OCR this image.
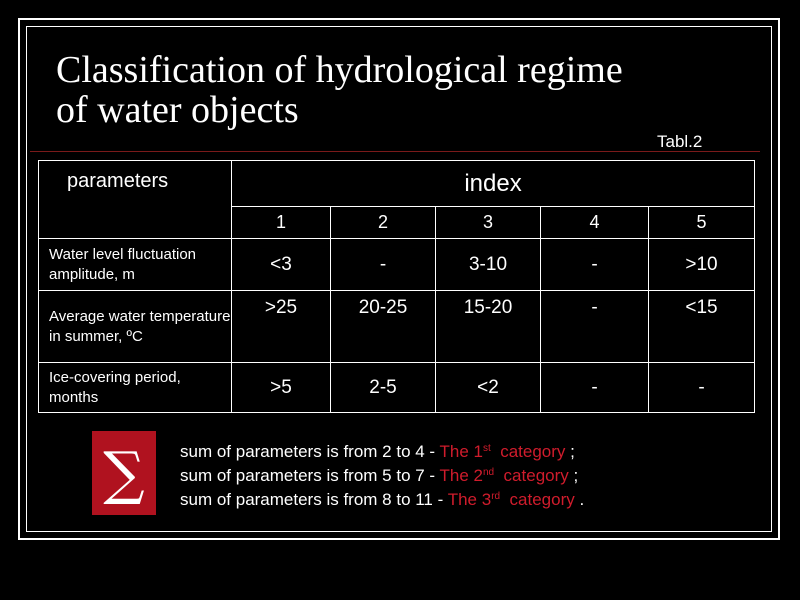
Classification of hydrological regime
of water objects
Tabl.2
parameters	index				
	1	2	3	4	5
Water level fluctuation amplitude, m	<3	-	3-10	-	>10
Average water temperature in summer, ºC	>25	20-25	15-20	-	<15
Ice-covering period, months	>5	2-5	<2	-	-
∑ sum of parameters is from 2 to 4 - The 1st  category ;
sum of parameters is from 5 to 7 - The 2nd  category ;
sum of parameters is from 8 to 11 - The 3rd  category .
